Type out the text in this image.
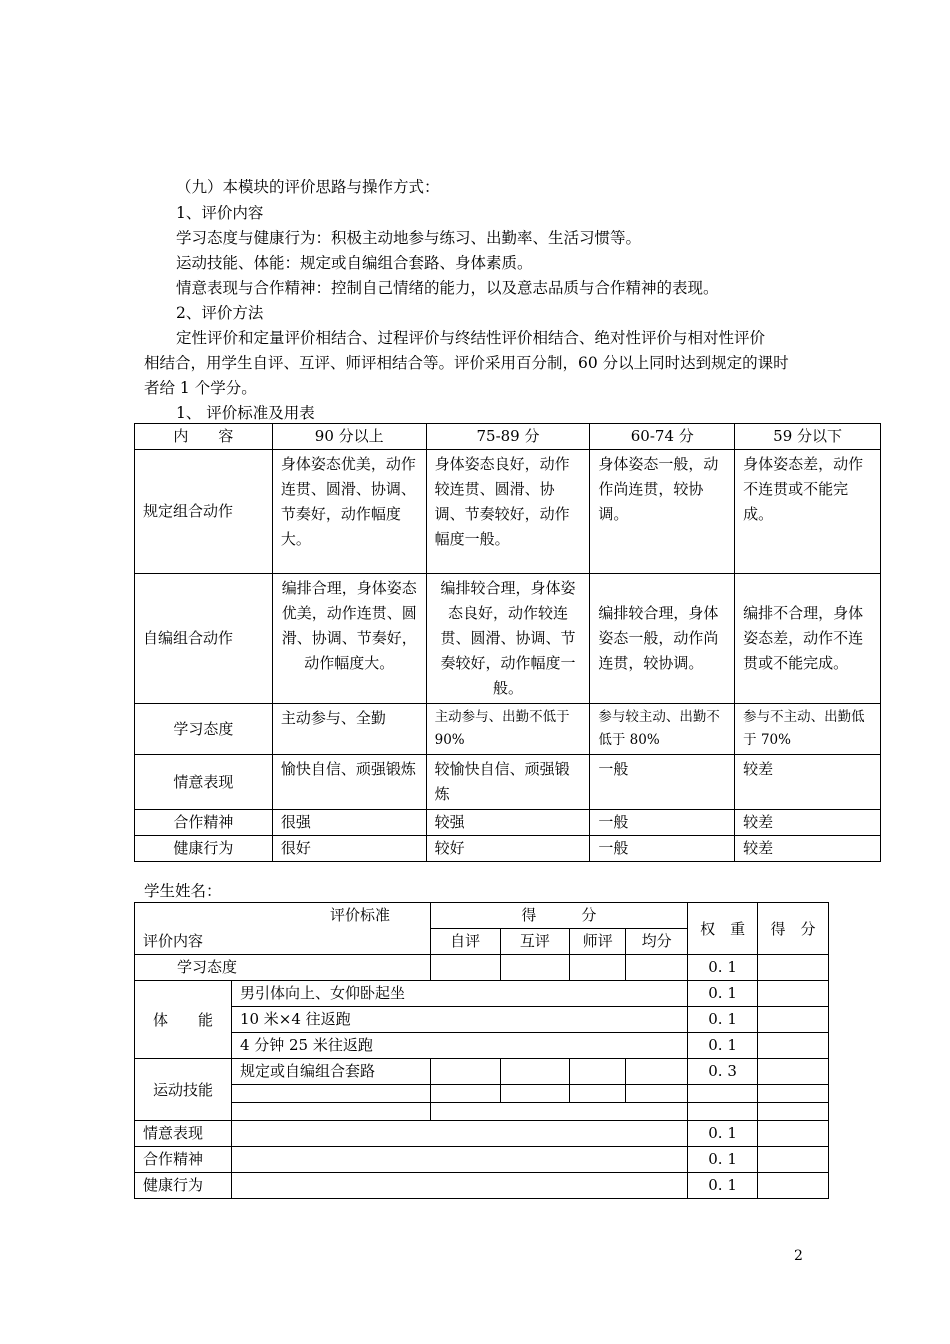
（九）本模块的评价思路与操作方式：
1、评价内容
学习态度与健康行为：积极主动地参与练习、出勤率、生活习惯等。
运动技能、体能：规定或自编组合套路、身体素质。
情意表现与合作精神：控制自己情绪的能力，以及意志品质与合作精神的表现。
2、评价方法
定性评价和定量评价相结合、过程评价与终结性评价相结合、绝对性评价与相对性评价
相结合，用学生自评、互评、师评相结合等。评价采用百分制，60 分以上同时达到规定的课时
者给 1 个学分。
1、 评价标准及用表
内　　容	90 分以上	75-89 分	60-74 分	59 分以下
规定组合动作	身体姿态优美，动作连贯、圆滑、协调、节奏好，动作幅度大。	身体姿态良好，动作较连贯、圆滑、协调、节奏较好，动作幅度一般。	身体姿态一般，动作尚连贯，较协调。	身体姿态差，动作不连贯或不能完成。
自编组合动作	编排合理，身体姿态优美，动作连贯、圆滑、协调、节奏好，动作幅度大。	编排较合理，身体姿态良好，动作较连贯、圆滑、协调、节奏较好，动作幅度一般。	编排较合理，身体姿态一般，动作尚连贯，较协调。	编排不合理，身体姿态差，动作不连贯或不能完成。
学习态度	主动参与、全勤	主动参与、出勤不低于 90%	参与较主动、出勤不低于 80%	参与不主动、出勤低于 70%
情意表现	愉快自信、顽强锻炼	较愉快自信、顽强锻炼	一般	较差
合作精神	很强	较强	一般	较差
健康行为	很好	较好	一般	较差
学生姓名：
评价标准		得　　　分				权　重	得　分
评价内容		自评	互评	师评	均分		
学习态度						0. 1	
体　　能	男引体向上、女仰卧起坐					0. 1	
	10 米×4 往返跑					0. 1	
	4 分钟 25 米往返跑					0. 1	
运动技能	规定或自编组合套路					0. 3	

情意表现						0. 1	
合作精神						0. 1	
健康行为						0. 1	
2
